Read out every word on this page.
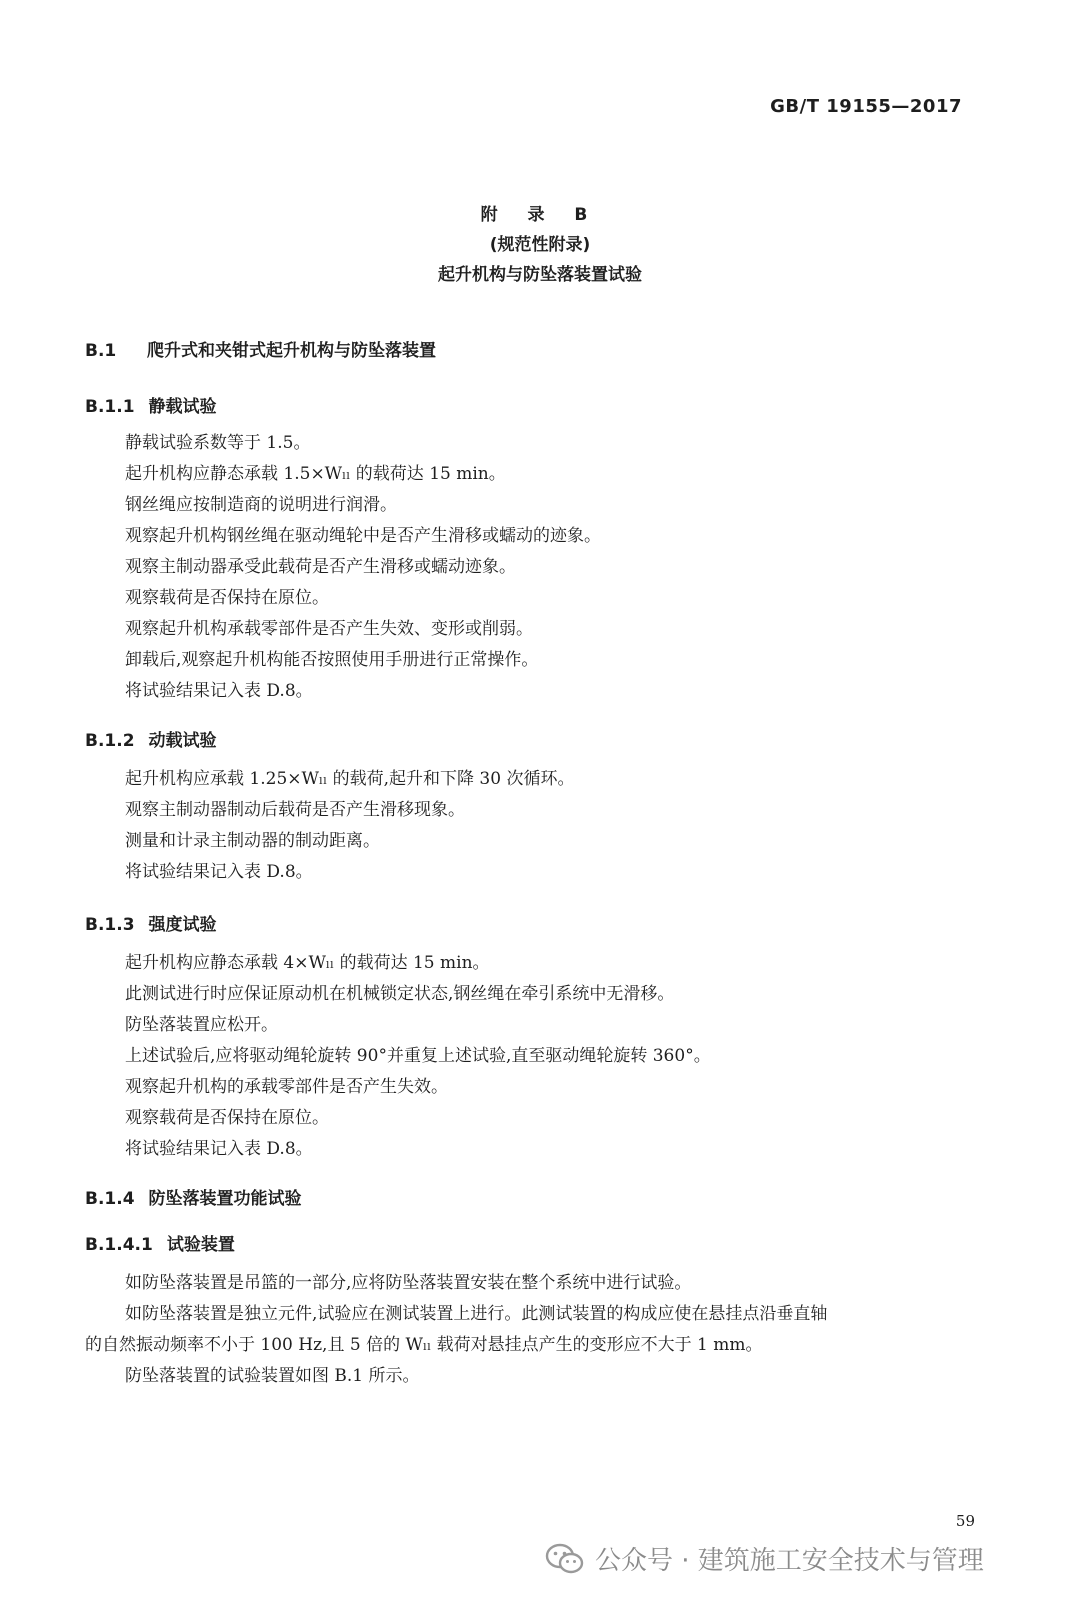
GB/T 19155—2017
附 录 B
(规范性附录)
起升机构与防坠落装置试验
B.1 爬升式和夹钳式起升机构与防坠落装置
B.1.1 静载试验

静载试验系数等于 1.5。

起升机构应静态承载 1.5×Wₗₗ 的载荷达 15 min。

钢丝绳应按制造商的说明进行润滑。

观察起升机构钢丝绳在驱动绳轮中是否产生滑移或蠕动的迹象。

观察主制动器承受此载荷是否产生滑移或蠕动迹象。

观察载荷是否保持在原位。

观察起升机构承载零部件是否产生失效、变形或削弱。

卸载后,观察起升机构能否按照使用手册进行正常操作。

将试验结果记入表 D.8。

B.1.2 动载试验

起升机构应承载 1.25×Wₗₗ 的载荷,起升和下降 30 次循环。

观察主制动器制动后载荷是否产生滑移现象。

测量和计录主制动器的制动距离。

将试验结果记入表 D.8。

B.1.3 强度试验

起升机构应静态承载 4×Wₗₗ 的载荷达 15 min。

此测试进行时应保证原动机在机械锁定状态,钢丝绳在牵引系统中无滑移。

防坠落装置应松开。

上述试验后,应将驱动绳轮旋转 90°并重复上述试验,直至驱动绳轮旋转 360°。

观察起升机构的承载零部件是否产生失效。

观察载荷是否保持在原位。

将试验结果记入表 D.8。

B.1.4 防坠落装置功能试验
B.1.4.1 试验装置

如防坠落装置是吊篮的一部分,应将防坠落装置安装在整个系统中进行试验。

如防坠落装置是独立元件,试验应在测试装置上进行。此测试装置的构成应使在悬挂点沿垂直轴

的自然振动频率不小于 100 Hz,且 5 倍的 Wₗₗ 载荷对悬挂点产生的变形应不大于 1 mm。

防坠落装置的试验装置如图 B.1 所示。

59
公众号 · 建筑施工安全技术与管理
